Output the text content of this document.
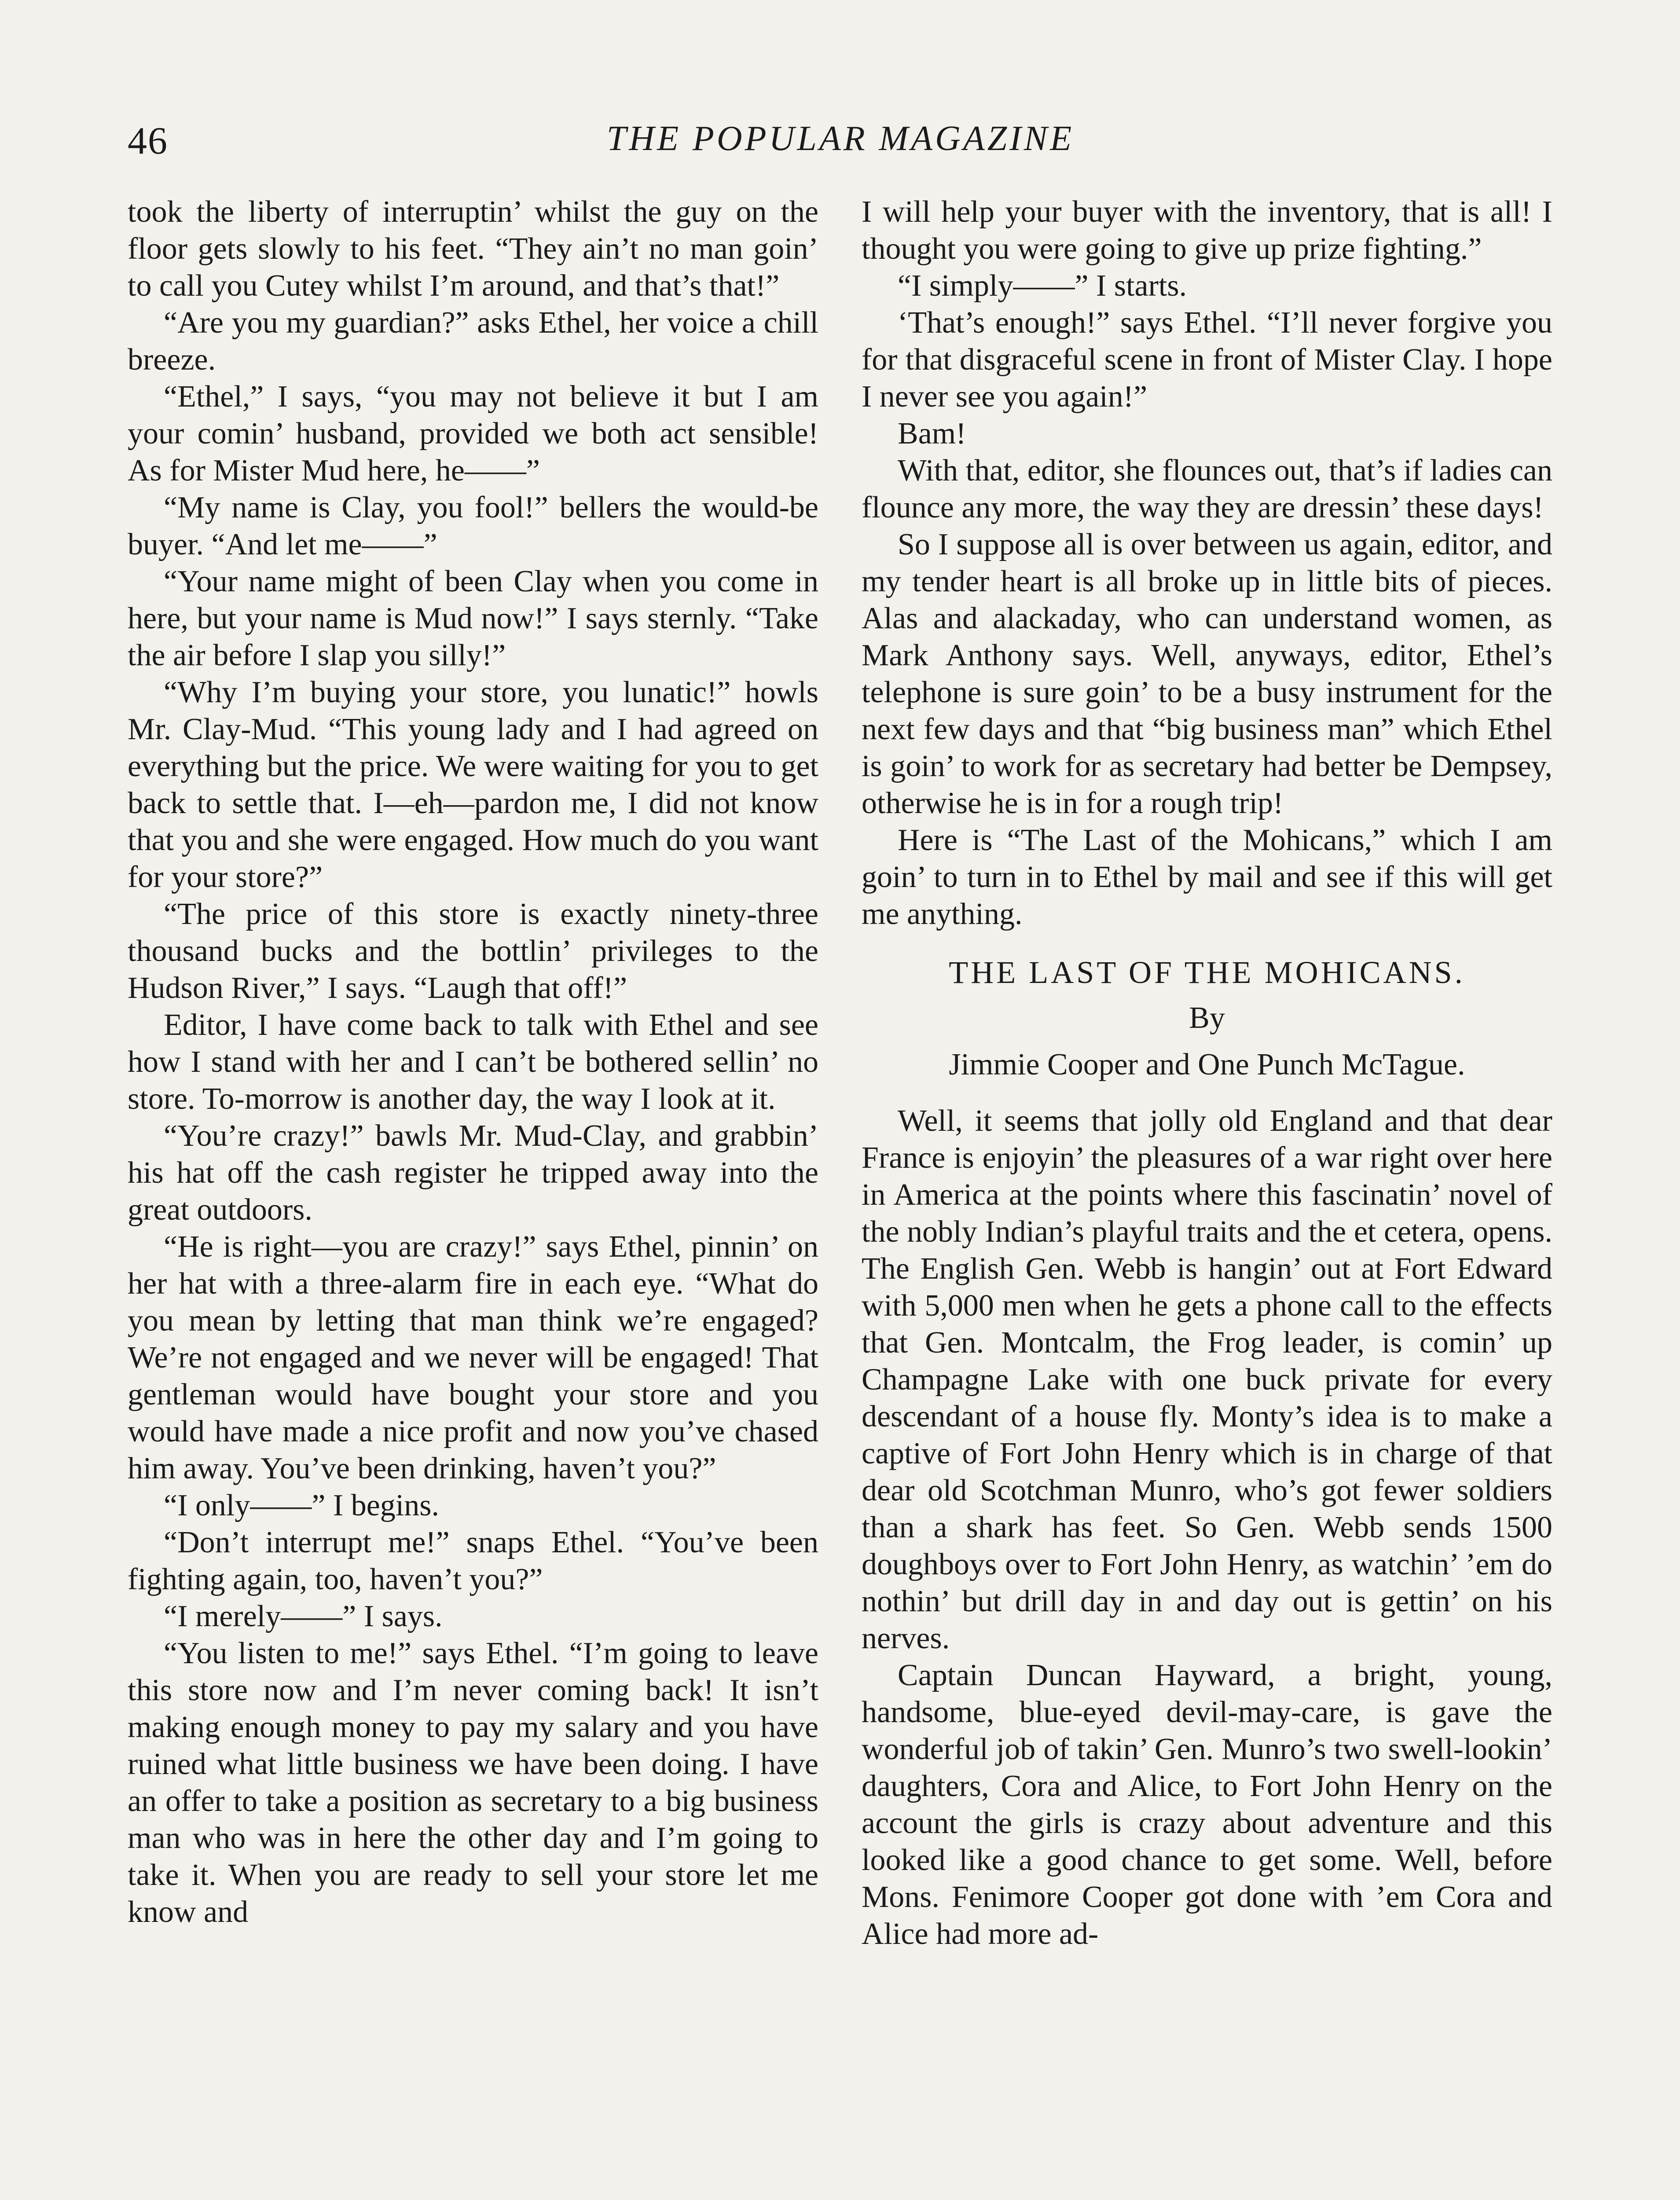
46	THE POPULAR MAGAZINE

took the liberty of interruptin’ whilst the guy on the floor gets slowly to his feet. “They ain’t no man goin’ to call you Cutey whilst I’m around, and that’s that!”

“Are you my guardian?” asks Ethel, her voice a chill breeze.

“Ethel,” I says, “you may not believe it but I am your comin’ husband, provided we both act sensible! As for Mister Mud here, he——”

“My name is Clay, you fool!” bellers the would-be buyer. “And let me——”

“Your name might of been Clay when you come in here, but your name is Mud now!” I says sternly. “Take the air before I slap you silly!”

“Why I’m buying your store, you lunatic!” howls Mr. Clay-Mud. “This young lady and I had agreed on everything but the price. We were waiting for you to get back to settle that. I—eh—pardon me, I did not know that you and she were engaged. How much do you want for your store?”

“The price of this store is exactly ninety-three thousand bucks and the bottlin’ privileges to the Hudson River,” I says. “Laugh that off!”

Editor, I have come back to talk with Ethel and see how I stand with her and I can’t be bothered sellin’ no store. To-morrow is another day, the way I look at it.

“You’re crazy!” bawls Mr. Mud-Clay, and grabbin’ his hat off the cash register he tripped away into the great outdoors.

“He is right—you are crazy!” says Ethel, pinnin’ on her hat with a three-alarm fire in each eye. “What do you mean by letting that man think we’re engaged? We’re not engaged and we never will be engaged! That gentleman would have bought your store and you would have made a nice profit and now you’ve chased him away. You’ve been drinking, haven’t you?”

“I only——” I begins.

“Don’t interrupt me!” snaps Ethel. “You’ve been fighting again, too, haven’t you?”

“I merely——” I says.

“You listen to me!” says Ethel. “I’m going to leave this store now and I’m never coming back! It isn’t making enough money to pay my salary and you have ruined what little business we have been doing. I have an offer to take a position as secretary to a big business man who was in here the other day and I’m going to take it. When you are ready to sell your store let me know and

I will help your buyer with the inventory, that is all! I thought you were going to give up prize fighting.”

“I simply——” I starts.

‘That’s enough!” says Ethel. “I’ll never forgive you for that disgraceful scene in front of Mister Clay. I hope I never see you again!”

Bam!

With that, editor, she flounces out, that’s if ladies can flounce any more, the way they are dressin’ these days!

So I suppose all is over between us again, editor, and my tender heart is all broke up in little bits of pieces. Alas and alackaday, who can understand women, as Mark Anthony says. Well, anyways, editor, Ethel’s telephone is sure goin’ to be a busy instrument for the next few days and that “big business man” which Ethel is goin’ to work for as secretary had better be Dempsey, otherwise he is in for a rough trip!

Here is “The Last of the Mohicans,” which I am goin’ to turn in to Ethel by mail and see if this will get me anything.

THE LAST OF THE MOHICANS.
By
Jimmie Cooper and One Punch McTague.

Well, it seems that jolly old England and that dear France is enjoyin’ the pleasures of a war right over here in America at the points where this fascinatin’ novel of the nobly Indian’s playful traits and the et cetera, opens. The English Gen. Webb is hangin’ out at Fort Edward with 5,000 men when he gets a phone call to the effects that Gen. Montcalm, the Frog leader, is comin’ up Champagne Lake with one buck private for every descendant of a house fly. Monty’s idea is to make a captive of Fort John Henry which is in charge of that dear old Scotchman Munro, who’s got fewer soldiers than a shark has feet. So Gen. Webb sends 1500 doughboys over to Fort John Henry, as watchin’ ’em do nothin’ but drill day in and day out is gettin’ on his nerves.

Captain Duncan Hayward, a bright, young, handsome, blue-eyed devil-may-care, is gave the wonderful job of takin’ Gen. Munro’s two swell-lookin’ daughters, Cora and Alice, to Fort John Henry on the account the girls is crazy about adventure and this looked like a good chance to get some. Well, before Mons. Fenimore Cooper got done with ’em Cora and Alice had more ad-
